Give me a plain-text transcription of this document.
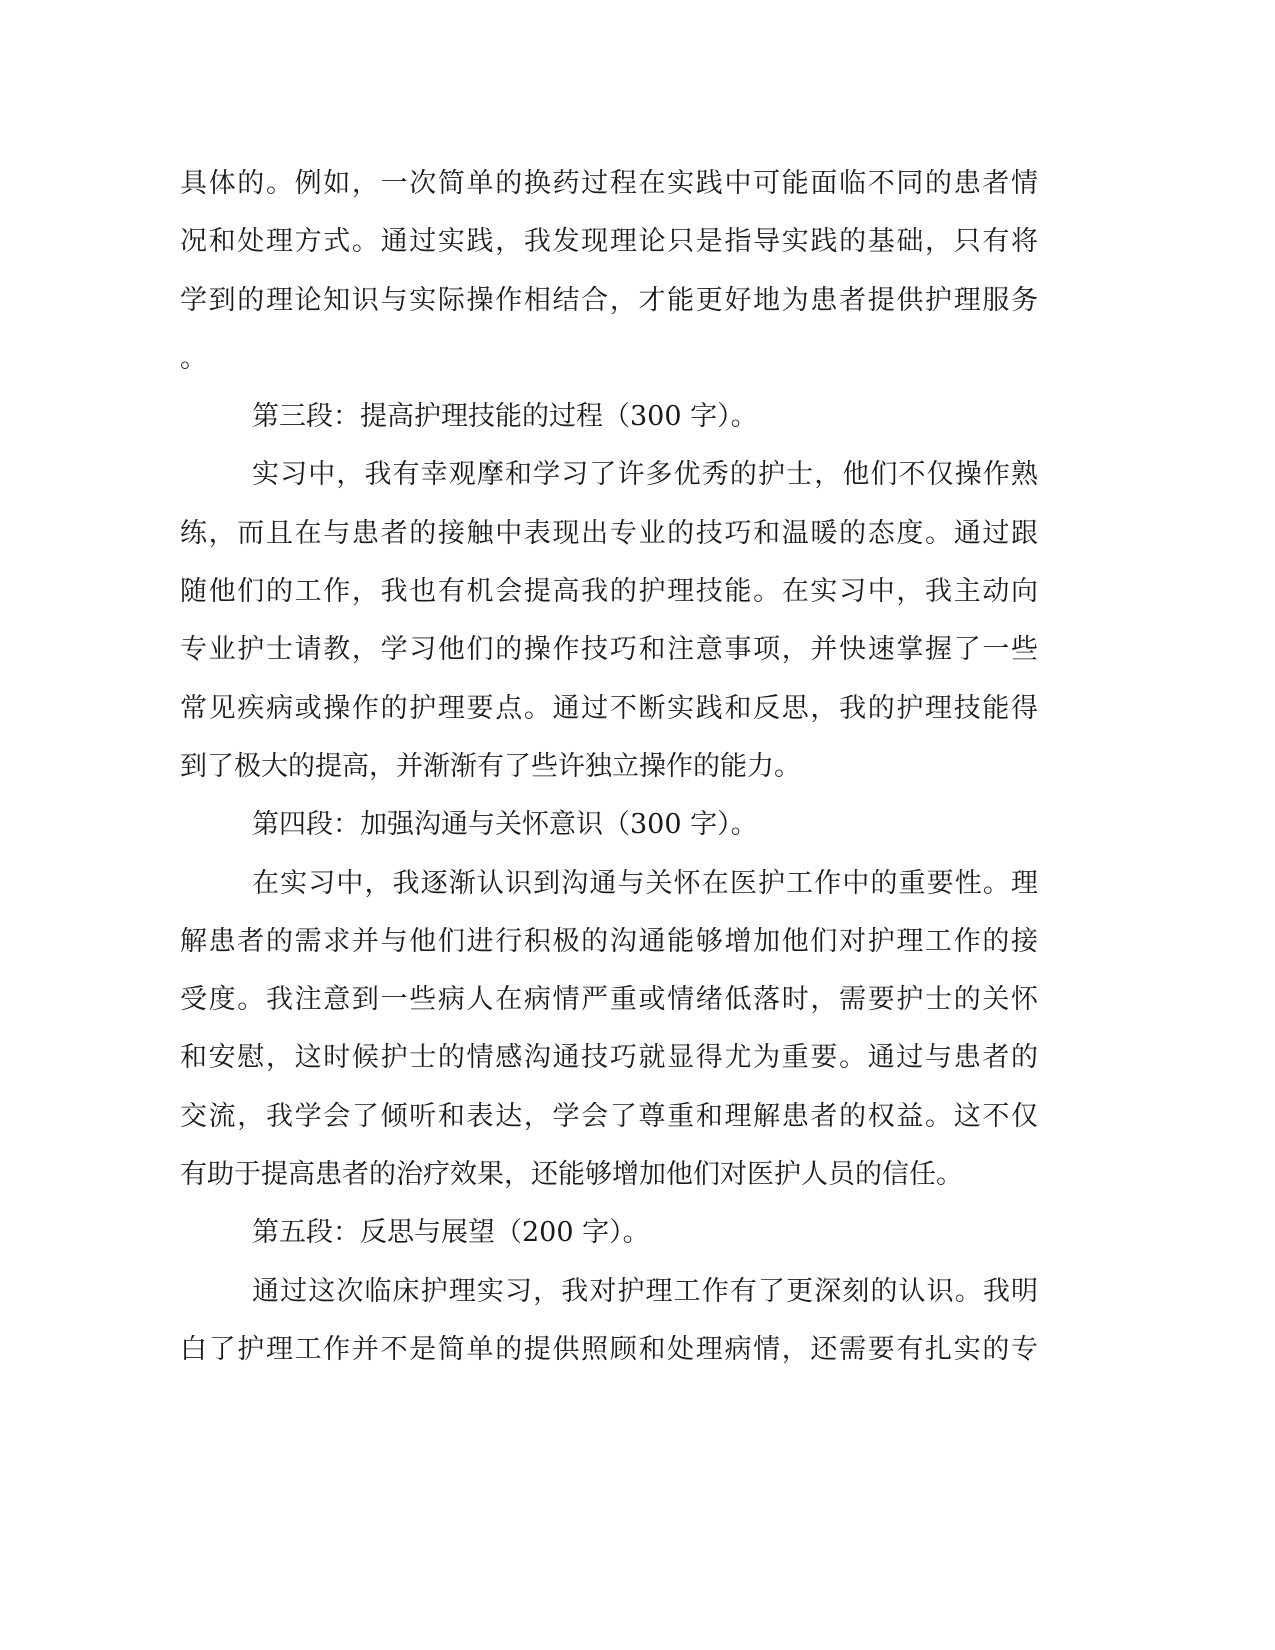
具体的。例如，一次简单的换药过程在实践中可能面临不同的患者情
况和处理方式。通过实践，我发现理论只是指导实践的基础，只有将
学到的理论知识与实际操作相结合，才能更好地为患者提供护理服务
。
第三段：提高护理技能的过程（300 字）。
实习中，我有幸观摩和学习了许多优秀的护士，他们不仅操作熟
练，而且在与患者的接触中表现出专业的技巧和温暖的态度。通过跟
随他们的工作，我也有机会提高我的护理技能。在实习中，我主动向
专业护士请教，学习他们的操作技巧和注意事项，并快速掌握了一些
常见疾病或操作的护理要点。通过不断实践和反思，我的护理技能得
到了极大的提高，并渐渐有了些许独立操作的能力。
第四段：加强沟通与关怀意识（300 字）。
在实习中，我逐渐认识到沟通与关怀在医护工作中的重要性。理
解患者的需求并与他们进行积极的沟通能够增加他们对护理工作的接
受度。我注意到一些病人在病情严重或情绪低落时，需要护士的关怀
和安慰，这时候护士的情感沟通技巧就显得尤为重要。通过与患者的
交流，我学会了倾听和表达，学会了尊重和理解患者的权益。这不仅
有助于提高患者的治疗效果，还能够增加他们对医护人员的信任。
第五段：反思与展望（200 字）。
通过这次临床护理实习，我对护理工作有了更深刻的认识。我明
白了护理工作并不是简单的提供照顾和处理病情，还需要有扎实的专
